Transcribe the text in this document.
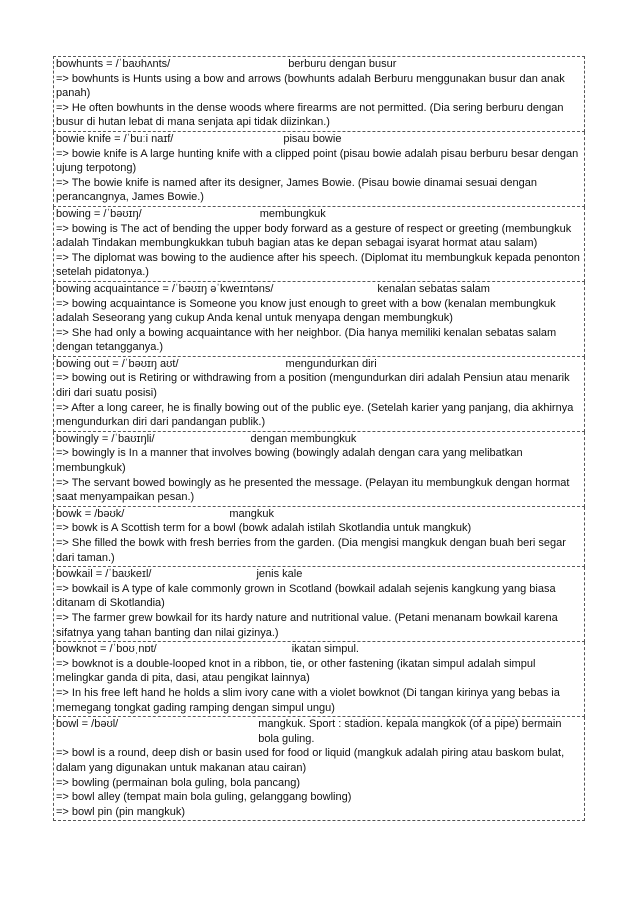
bowhunts = /ˈbaʊhʌnts/	berburu dengan busur
=> bowhunts is Hunts using a bow and arrows (bowhunts adalah Berburu menggunakan busur dan anak panah)
=> He often bowhunts in the dense woods where firearms are not permitted. (Dia sering berburu dengan busur di hutan lebat di mana senjata api tidak diizinkan.)
bowie knife = /ˈbuːi naɪf/	pisau bowie
=> bowie knife is A large hunting knife with a clipped point (pisau bowie adalah pisau berburu besar dengan ujung terpotong)
=> The bowie knife is named after its designer, James Bowie. (Pisau bowie dinamai sesuai dengan perancangnya, James Bowie.)
bowing = /ˈbəʊɪŋ/	membungkuk
=> bowing is The act of bending the upper body forward as a gesture of respect or greeting (membungkuk adalah Tindakan membungkukkan tubuh bagian atas ke depan sebagai isyarat hormat atau salam)
=> The diplomat was bowing to the audience after his speech. (Diplomat itu membungkuk kepada penonton setelah pidatonya.)
bowing acquaintance = /ˈbəʊɪŋ əˈkweɪntəns/	kenalan sebatas salam
=> bowing acquaintance is Someone you know just enough to greet with a bow (kenalan membungkuk adalah Seseorang yang cukup Anda kenal untuk menyapa dengan membungkuk)
=> She had only a bowing acquaintance with her neighbor. (Dia hanya memiliki kenalan sebatas salam dengan tetangganya.)
bowing out = /ˈbəʊɪŋ aʊt/	mengundurkan diri
=> bowing out is Retiring or withdrawing from a position (mengundurkan diri adalah Pensiun atau menarik diri dari suatu posisi)
=> After a long career, he is finally bowing out of the public eye. (Setelah karier yang panjang, dia akhirnya mengundurkan diri dari pandangan publik.)
bowingly = /ˈbaʊɪŋli/	dengan membungkuk
=> bowingly is In a manner that involves bowing (bowingly adalah dengan cara yang melibatkan membungkuk)
=> The servant bowed bowingly as he presented the message. (Pelayan itu membungkuk dengan hormat saat menyampaikan pesan.)
bowk = /bəʊk/	mangkuk
=> bowk is A Scottish term for a bowl (bowk adalah istilah Skotlandia untuk mangkuk)
=> She filled the bowk with fresh berries from the garden. (Dia mengisi mangkuk dengan buah beri segar dari taman.)
bowkail = /ˈbaʊkeɪl/	jenis kale
=> bowkail is A type of kale commonly grown in Scotland (bowkail adalah sejenis kangkung yang biasa ditanam di Skotlandia)
=> The farmer grew bowkail for its hardy nature and nutritional value. (Petani menanam bowkail karena sifatnya yang tahan banting dan nilai gizinya.)
bowknot = /ˈboʊˌnɒt/	ikatan simpul.
=> bowknot is a double-looped knot in a ribbon, tie, or other fastening (ikatan simpul adalah simpul melingkar ganda di pita, dasi, atau pengikat lainnya)
=> In his free left hand he holds a slim ivory cane with a violet bowknot (Di tangan kirinya yang bebas ia memegang tongkat gading ramping dengan simpul ungu)
bowl = /bəʊl/	mangkuk. Sport : stadion. kepala mangkok (of a pipe) bermain bola guling.
=> bowl is a round, deep dish or basin used for food or liquid (mangkuk adalah piring atau baskom bulat, dalam yang digunakan untuk makanan atau cairan)
=> bowling (permainan bola guling, bola pancang)
=> bowl alley (tempat main bola guling, gelanggang bowling)
=> bowl pin (pin mangkuk)
